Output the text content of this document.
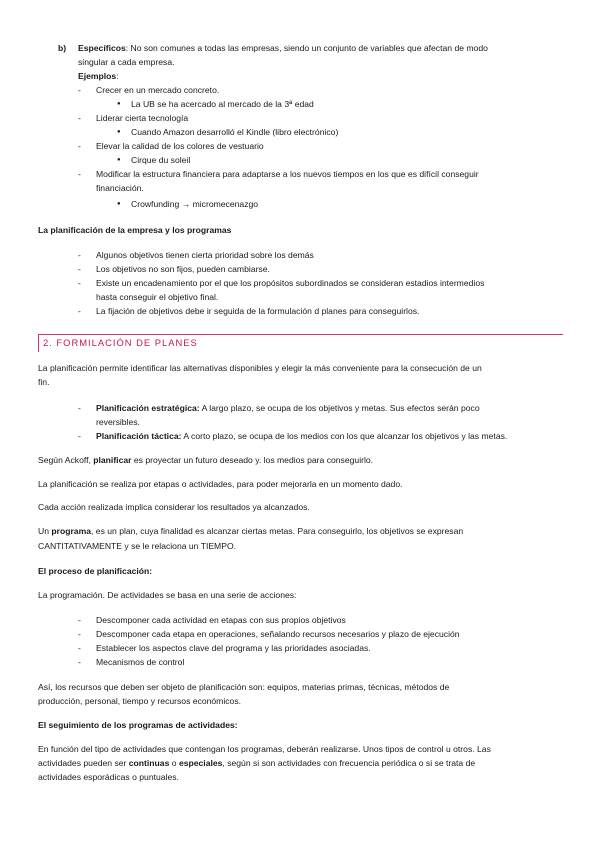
b) Específicos: No son comunes a todas las empresas, siendo un conjunto de variables que afectan de modo
singular a cada empresa.
Ejemplos:
- Crecer en un mercado concreto.
● La UB se ha acercado al mercado de la 3ª edad
- Liderar cierta tecnología
● Cuando Amazon desarrolló el Kindle (libro electrónico)
- Elevar la calidad de los colores de vestuario
● Cirque du soleil
- Modificar la estructura financiera para adaptarse a los nuevos tiempos en los que es difícil conseguir
financiación.
● Crowfunding → micromecenazgo
La planificación de la empresa y los programas
- Algunos objetivos tienen cierta prioridad sobre los demás
- Los objetivos no son fijos, pueden cambiarse.
- Existe un encadenamiento por el que los propósitos subordinados se consideran estadios intermedios
hasta conseguir el objetivo final.
- La fijación de objetivos debe ir seguida de la formulación d planes para conseguirlos.
2. FORMILACIÓN DE PLANES
La planificación permite identificar las alternativas disponibles y elegir la más conveniente para la consecución de un
fin.
- Planificación estratégica: A largo plazo, se ocupa de los objetivos y metas. Sus efectos serán poco
reversibles.
- Planificación táctica: A corto plazo, se ocupa de los medios con los que alcanzar los objetivos y las metas.
Según Ackoff, planificar es proyectar un futuro deseado y. los medios para conseguirlo.
La planificación se realiza por etapas o actividades, para poder mejorarla en un momento dado.
Cada acción realizada implica considerar los resultados ya alcanzados.
Un programa, es un plan, cuya finalidad es alcanzar ciertas metas. Para conseguirlo, los objetivos se expresan
CANTITATIVAMENTE y se le relaciona un TIEMPO.
El proceso de planificación:
La programación. De actividades se basa en una serie de acciones:
- Descomponer cada actividad en etapas con sus propios objetivos
- Descomponer cada etapa en operaciones, señalando recursos necesarios y plazo de ejecución
- Establecer los aspectos clave del programa y las prioridades asociadas.
- Mecanismos de control
Así, los recursos que deben ser objeto de planificación son: equipos, materias primas, técnicas, métodos de
producción, personal, tiempo y recursos económicos.
El seguimiento de los programas de actividades:
En función del tipo de actividades que contengan los programas, deberán realizarse. Unos tipos de control u otros. Las
actividades pueden ser continuas o especiales, según si son actividades con frecuencia periódica o si se trata de
actividades esporádicas o puntuales.
